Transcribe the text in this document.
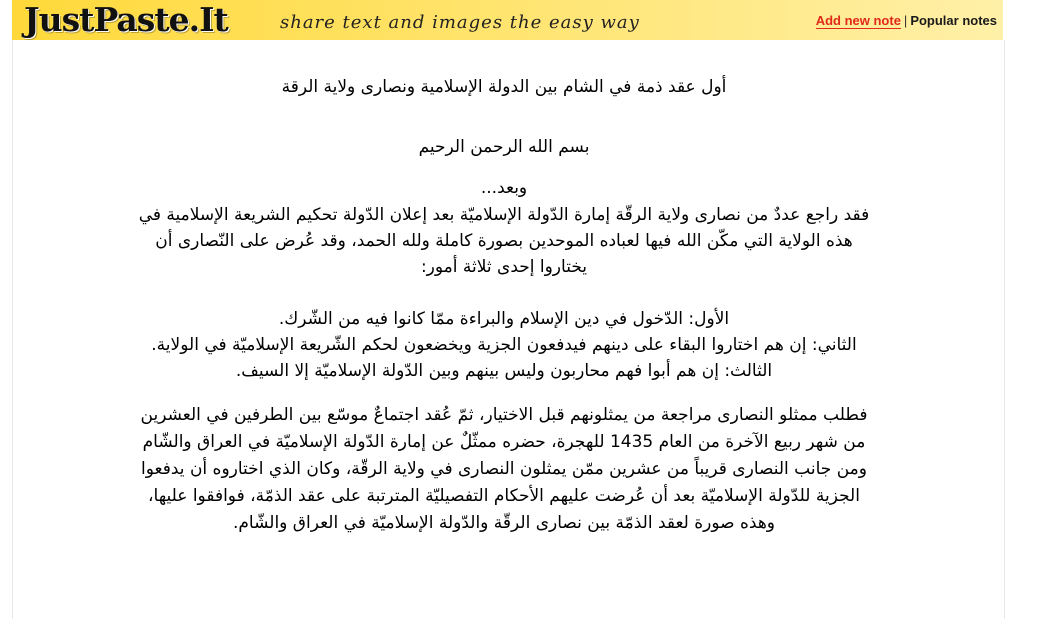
JustPaste.It	share text and images the easy way	Add new note | Popular notes
أول عقد ذمة في الشام بين الدولة الإسلامية ونصارى ولاية الرقة
بسم الله الرحمن الرحيم
وبعد...

فقد راجع عددٌ من نصارى ولاية الرقّة إمارة الدّولة الإسلاميّة بعد إعلان الدّولة تحكيم الشريعة الإسلامية في هذه الولاية التي مكّن الله فيها لعباده الموحدين بصورة كاملة ولله الحمد، وقد عُرض على النّصارى أن يختاروا إحدى ثلاثة أمور:

الأول: الدّخول في دين الإسلام والبراءة ممّا كانوا فيه من الشّرك.

الثاني: إن هم اختاروا البقاء على دينهم فيدفعون الجزية ويخضعون لحكم الشّريعة الإسلاميّة في الولاية.

الثالث: إن هم أبوا فهم محاربون وليس بينهم وبين الدّولة الإسلاميّة إلا السيف.

فطلب ممثلو النصارى مراجعة من يمثلونهم قبل الاختيار، ثمّ عُقد اجتماعٌ موسّع بين الطرفين في العشرين من شهر ربيع الآخرة من العام 1435 للهجرة، حضره ممثّلٌ عن إمارة الدّولة الإسلاميّة في العراق والشّام ومن جانب النصارى قريباً من عشرين ممّن يمثلون النصارى في ولاية الرقّة، وكان الذي اختاروه أن يدفعوا الجزية للدّولة الإسلاميّة بعد أن عُرضت عليهم الأحكام التفصيليّة المترتبة على عقد الذمّة، فوافقوا عليها، وهذه صورة لعقد الذمّة بين نصارى الرقّة والدّولة الإسلاميّة في العراق والشّام.
